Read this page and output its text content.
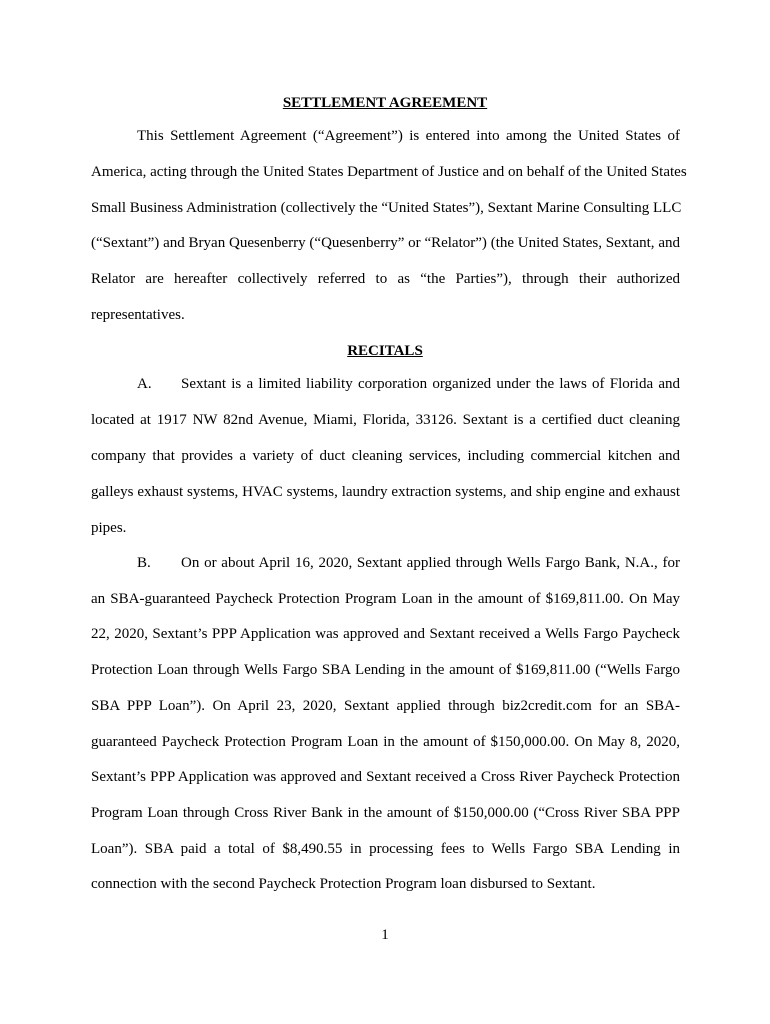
SETTLEMENT AGREEMENT
This Settlement Agreement (“Agreement”) is entered into among the United States of
America, acting through the United States Department of Justice and on behalf of the United States
Small Business Administration (collectively the “United States”), Sextant Marine Consulting LLC
(“Sextant”) and Bryan Quesenberry (“Quesenberry” or “Relator”) (the United States, Sextant, and
Relator are hereafter collectively referred to as “the Parties”), through their authorized
representatives.
RECITALS
A. Sextant is a limited liability corporation organized under the laws of Florida and
located at 1917 NW 82nd Avenue, Miami, Florida, 33126. Sextant is a certified duct cleaning
company that provides a variety of duct cleaning services, including commercial kitchen and
galleys exhaust systems, HVAC systems, laundry extraction systems, and ship engine and exhaust
pipes.
B. On or about April 16, 2020, Sextant applied through Wells Fargo Bank, N.A., for
an SBA-guaranteed Paycheck Protection Program Loan in the amount of $169,811.00. On May
22, 2020, Sextant’s PPP Application was approved and Sextant received a Wells Fargo Paycheck
Protection Loan through Wells Fargo SBA Lending in the amount of $169,811.00 (“Wells Fargo
SBA PPP Loan”). On April 23, 2020, Sextant applied through biz2credit.com for an SBA-
guaranteed Paycheck Protection Program Loan in the amount of $150,000.00. On May 8, 2020,
Sextant’s PPP Application was approved and Sextant received a Cross River Paycheck Protection
Program Loan through Cross River Bank in the amount of $150,000.00 (“Cross River SBA PPP
Loan”). SBA paid a total of $8,490.55 in processing fees to Wells Fargo SBA Lending in
connection with the second Paycheck Protection Program loan disbursed to Sextant.
1
